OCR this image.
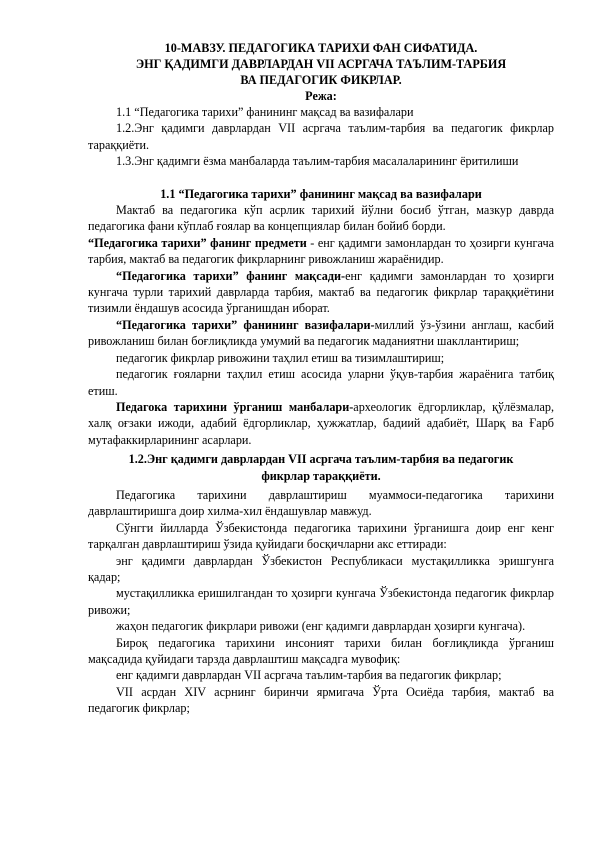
10-МАВЗУ. ПЕДАГОГИКА ТАРИХИ ФАН СИФАТИДА.
ЭНГ ҚАДИМГИ ДАВРЛАРДАН VII АСРГАЧА ТАЪЛИМ-ТАРБИЯ
ВА ПЕДАГОГИК ФИКРЛАР.
Режа:

1.1 “Педагогика тарихи” фанининг мақсад ва вазифалари

1.2.Энг қадимги даврлардан VII асргача таълим-тарбия ва педагогик фикрлар тараққиёти.

1.3.Энг қадимги ёзма манбаларда таълим-тарбия масалаларининг ёритилиши

1.1 “Педагогика тарихи” фанининг мақсад ва вазифалари

Мактаб ва педагогика кўп асрлик тарихий йўлни босиб ўтган, мазкур даврда педагогика фани кўплаб ғоялар ва концепциялар билан бойиб борди.
“Педагогика тарихи” фанинг предмети - енг қадимги замонлардан то ҳозирги кунгача тарбия, мактаб ва педагогик фикрларнинг ривожланиш жараёнидир.

“Педагогика тарихи” фанинг мақсади-енг қадимги замонлардан то ҳозирги кунгача турли тарихий даврларда тарбия, мактаб ва педагогик фикрлар тараққиётини тизимли ёндашув асосида ўрганишдан иборат.

“Педагогика тарихи” фанининг вазифалари-миллий ўз-ўзини англаш, касбий ривожланиш билан боғлиқликда умумий ва педагогик маданиятни шакллантириш;

педагогик фикрлар ривожини таҳлил етиш ва тизимлаштириш;

педагогик ғояларни таҳлил етиш асосида уларни ўқув-тарбия жараёнига татбиқ етиш.

Педагока тарихини ўрганиш манбалари-археологик ёдгорликлар, қўлёзмалар, халқ оғзаки ижоди, адабий ёдгорликлар, ҳужжатлар, бадиий адабиёт, Шарқ ва Ғарб мутафаккирларининг асарлари.

1.2.Энг қадимги даврлардан VII асргача таълим-тарбия ва педагогик
фикрлар тараққиёти.

Педагогика тарихини даврлаштириш муаммоси-педагогика тарихини даврлаштиришга доир хилма-хил ёндашувлар мавжуд.

Сўнгги йилларда Ўзбекистонда педагогика тарихини ўрганишга доир енг кенг тарқалган даврлаштириш ўзида қуйидаги босқичларни акс еттиради:

энг қадимги даврлардан Ўзбекистон Республикаси мустақилликка эришгунга қадар;

мустақилликка еришилгандан то ҳозирги кунгача Ўзбекистонда педагогик фикрлар ривожи;

жаҳон педагогик фикрлари ривожи (енг қадимги даврлардан ҳозирги кунгача).

Бироқ педагогика тарихини инсоният тарихи билан боғлиқликда ўрганиш мақсадида қуйидаги тарзда даврлаштиш мақсадга мувофиқ:

енг қадимги даврлардан VII асргача таълим-тарбия ва педагогик фикрлар;

VII асрдан XIV асрнинг биринчи ярмигача Ўрта Осиёда тарбия, мактаб ва педагогик фикрлар;
